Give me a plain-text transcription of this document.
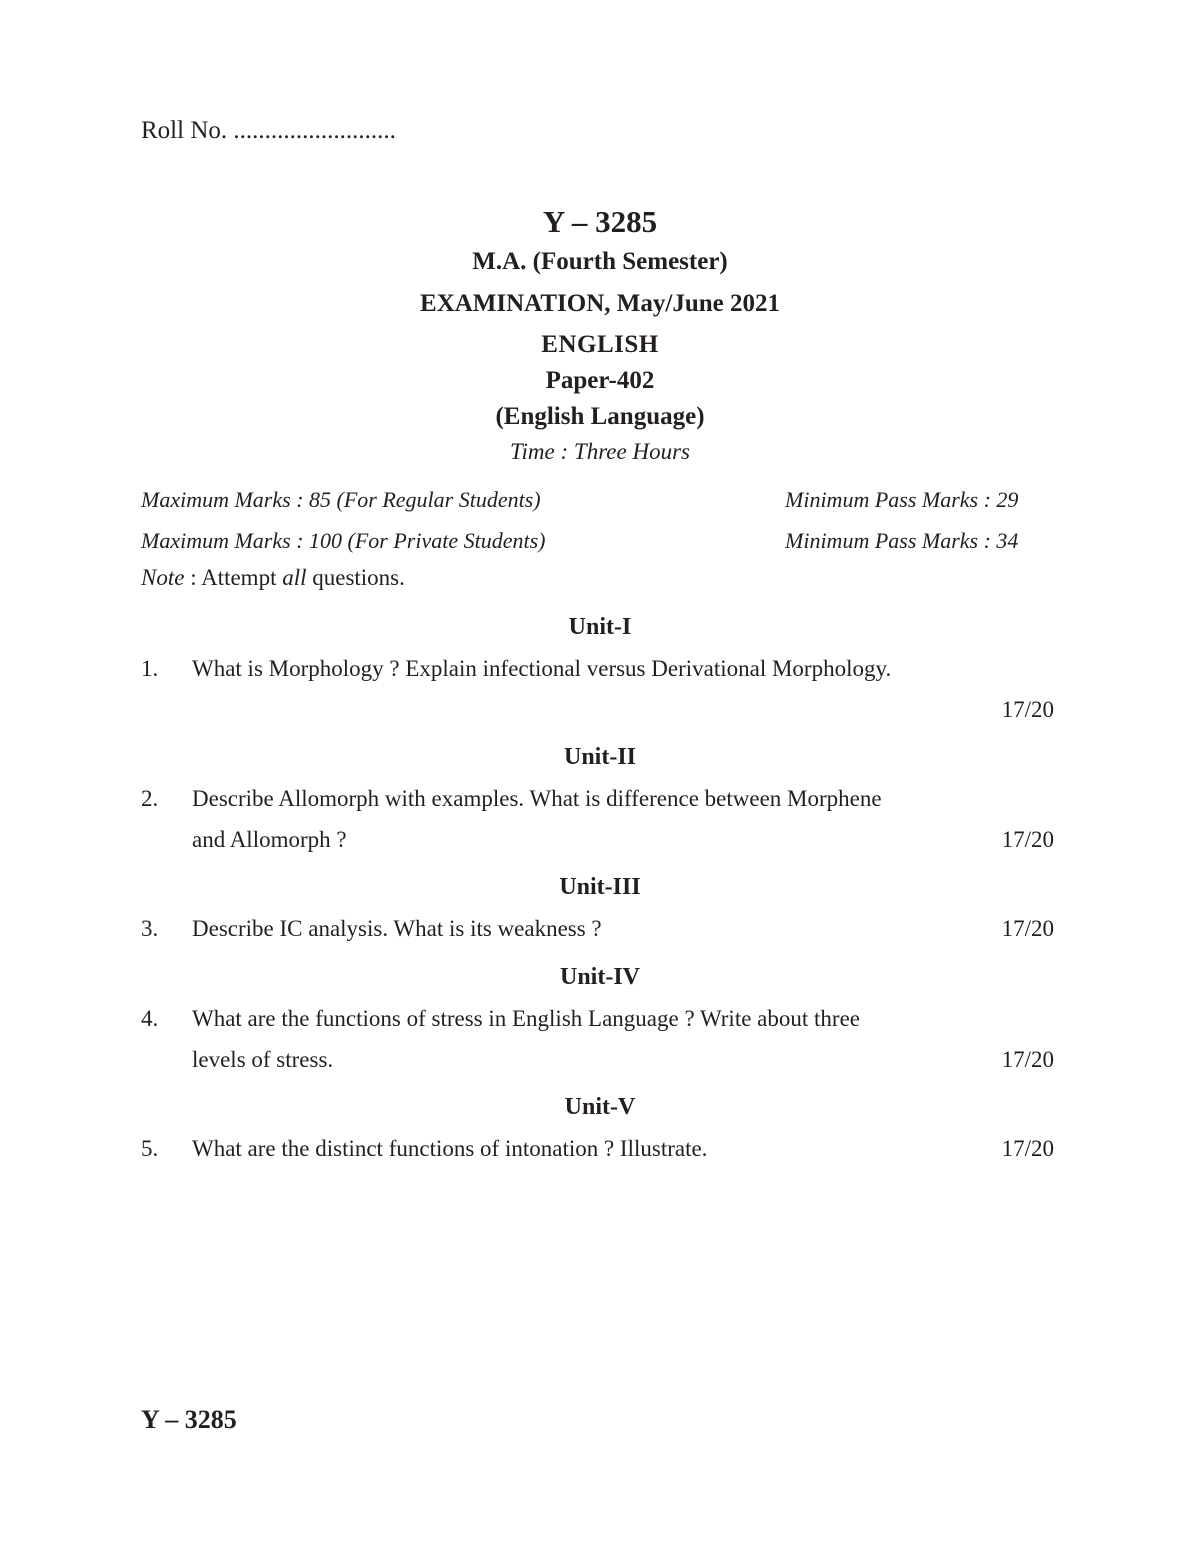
Roll No. ..........................
Y – 3285
M.A. (Fourth Semester)
EXAMINATION, May/June 2021
ENGLISH
Paper-402
(English Language)
Time : Three Hours
Maximum Marks : 85 (For Regular Students)	Minimum Pass Marks : 29
Maximum Marks : 100 (For Private Students)	Minimum Pass Marks : 34
Note : Attempt all questions.
Unit-I
1. What is Morphology ? Explain infectional versus Derivational Morphology.
17/20
Unit-II
2. Describe Allomorph with examples. What is difference between Morphene
and Allomorph ?	17/20
Unit-III
3. Describe IC analysis. What is its weakness ?	17/20
Unit-IV
4. What are the functions of stress in English Language ? Write about three
levels of stress.	17/20
Unit-V
5. What are the distinct functions of intonation ? Illustrate.	17/20
Y – 3285
